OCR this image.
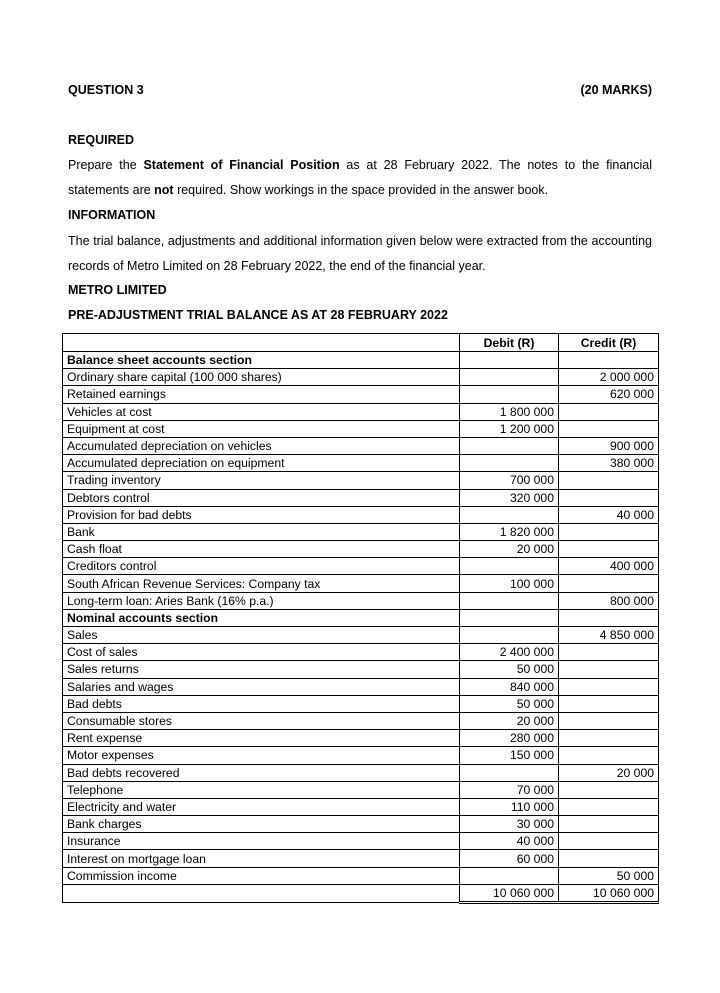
QUESTION 3	(20 MARKS)
REQUIRED
Prepare the Statement of Financial Position as at 28 February 2022. The notes to the financial statements are not required. Show workings in the space provided in the answer book.
INFORMATION
The trial balance, adjustments and additional information given below were extracted from the accounting records of Metro Limited on 28 February 2022, the end of the financial year.
METRO LIMITED
PRE-ADJUSTMENT TRIAL BALANCE AS AT 28 FEBRUARY 2022
	Debit (R)	Credit (R)
Balance sheet accounts section		
Ordinary share capital (100 000 shares)		2 000 000
Retained earnings		620 000
Vehicles at cost	1 800 000	
Equipment at cost	1 200 000	
Accumulated depreciation on vehicles		900 000
Accumulated depreciation on equipment		380 000
Trading inventory	700 000	
Debtors control	320 000	
Provision for bad debts		40 000
Bank	1 820 000	
Cash float	20 000	
Creditors control		400 000
South African Revenue Services: Company tax	100 000	
Long-term loan: Aries Bank (16% p.a.)		800 000
Nominal accounts section		
Sales		4 850 000
Cost of sales	2 400 000	
Sales returns	50 000	
Salaries and wages	840 000	
Bad debts	50 000	
Consumable stores	20 000	
Rent expense	280 000	
Motor expenses	150 000	
Bad debts recovered		20 000
Telephone	70 000	
Electricity and water	110 000	
Bank charges	30 000	
Insurance	40 000	
Interest on mortgage loan	60 000	
Commission income		50 000
	10 060 000	10 060 000
